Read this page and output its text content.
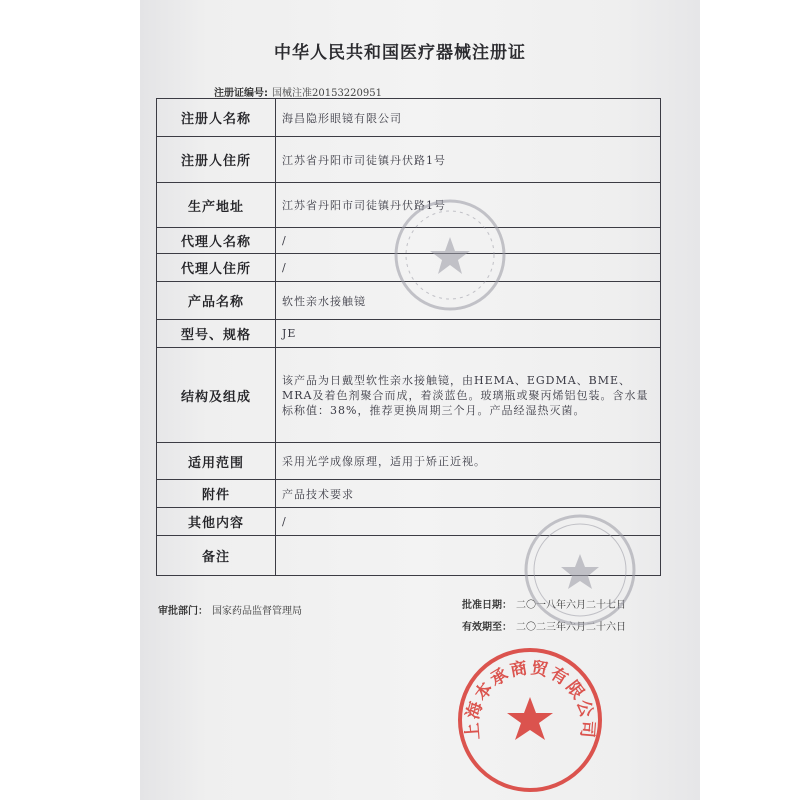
中华人民共和国医疗器械注册证
注册证编号: 国械注准20153220951
注册人名称	海昌隐形眼镜有限公司
注册人住所	江苏省丹阳市司徒镇丹伏路1号
生产地址	江苏省丹阳市司徒镇丹伏路1号
代理人名称	/
代理人住所	/
产品名称	软性亲水接触镜
型号、规格	JE
结构及组成	该产品为日戴型软性亲水接触镜，由HEMA、EGDMA、BME、MRA及着色剂聚合而成，着淡蓝色。玻璃瓶或聚丙烯铝包装。含水量标称值：38%，推荐更换周期三个月。产品经湿热灭菌。
适用范围	采用光学成像原理，适用于矫正近视。
附件	产品技术要求
其他内容	/
备注	
审批部门： 国家药品监督管理局
批准日期： 二〇一八年六月二十七日
有效期至： 二〇二三年六月二十六日
上海本承商贸有限公司
